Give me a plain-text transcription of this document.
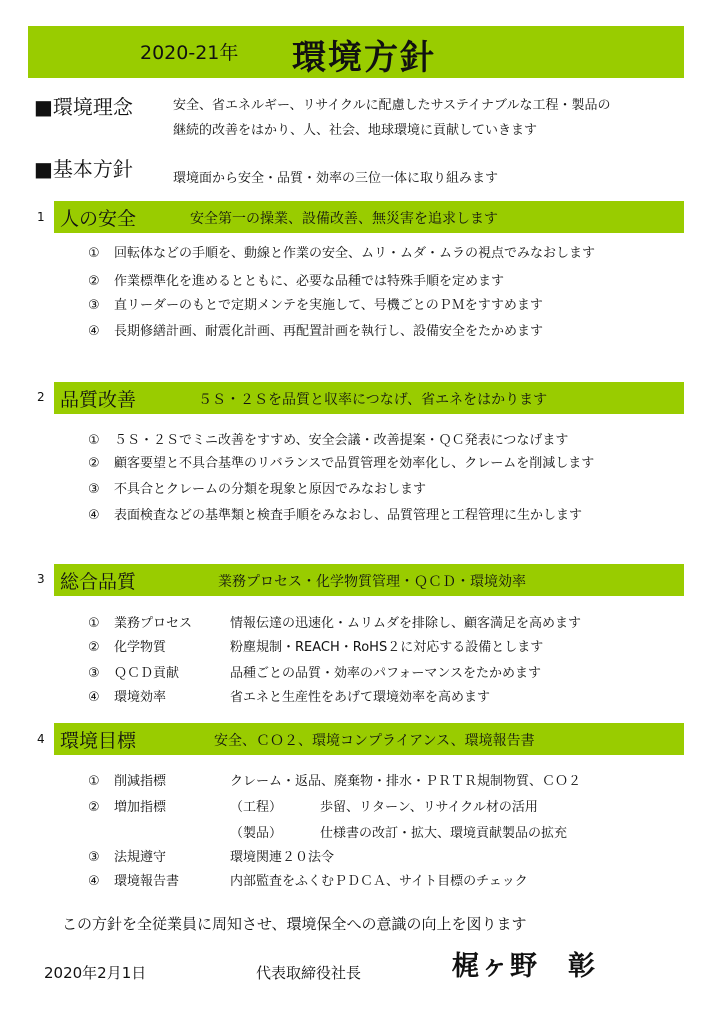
2020-21年 環境方針
■環境理念	安全、省エネルギー、リサイクルに配慮したサステイナブルな工程・製品の
継続的改善をはかり、人、社会、地球環境に貢献していきます
■基本方針	環境面から安全・品質・効率の三位一体に取り組みます
1 人の安全	安全第一の操業、設備改善、無災害を追求します
① 回転体などの手順を、動線と作業の安全、ムリ・ムダ・ムラの視点でみなおします
② 作業標準化を進めるとともに、必要な品種では特殊手順を定めます
③ 直リーダーのもとで定期メンテを実施して、号機ごとのＰＭをすすめます
④ 長期修繕計画、耐震化計画、再配置計画を執行し、設備安全をたかめます
2 品質改善	５Ｓ・２Ｓを品質と収率につなげ、省エネをはかります
① ５Ｓ・２Ｓでミニ改善をすすめ、安全会議・改善提案・ＱＣ発表につなげます
② 顧客要望と不具合基準のリバランスで品質管理を効率化し、クレームを削減します
③ 不具合とクレームの分類を現象と原因でみなおします
④ 表面検査などの基準類と検査手順をみなおし、品質管理と工程管理に生かします
3 総合品質	業務プロセス・化学物質管理・ＱＣＤ・環境効率
① 業務プロセス	情報伝達の迅速化・ムリムダを排除し、顧客満足を高めます
② 化学物質	粉塵規制・REACH・RoHS２に対応する設備とします
③ ＱＣＤ貢献	品種ごとの品質・効率のパフォーマンスをたかめます
④ 環境効率	省エネと生産性をあげて環境効率を高めます
4 環境目標	安全、ＣＯ２、環境コンプライアンス、環境報告書
① 削減指標	クレーム・返品、廃棄物・排水・ＰＲＴＲ規制物質、ＣＯ２
② 増加指標	（工程）	歩留、リターン、リサイクル材の活用
（製品）	仕様書の改訂・拡大、環境貢献製品の拡充
③ 法規遵守	環境関連２０法令
④ 環境報告書	内部監査をふくむＰＤＣＡ、サイト目標のチェック
この方針を全従業員に周知させ、環境保全への意識の向上を図ります
2020年2月1日	代表取締役社長	梶ヶ野　彰
